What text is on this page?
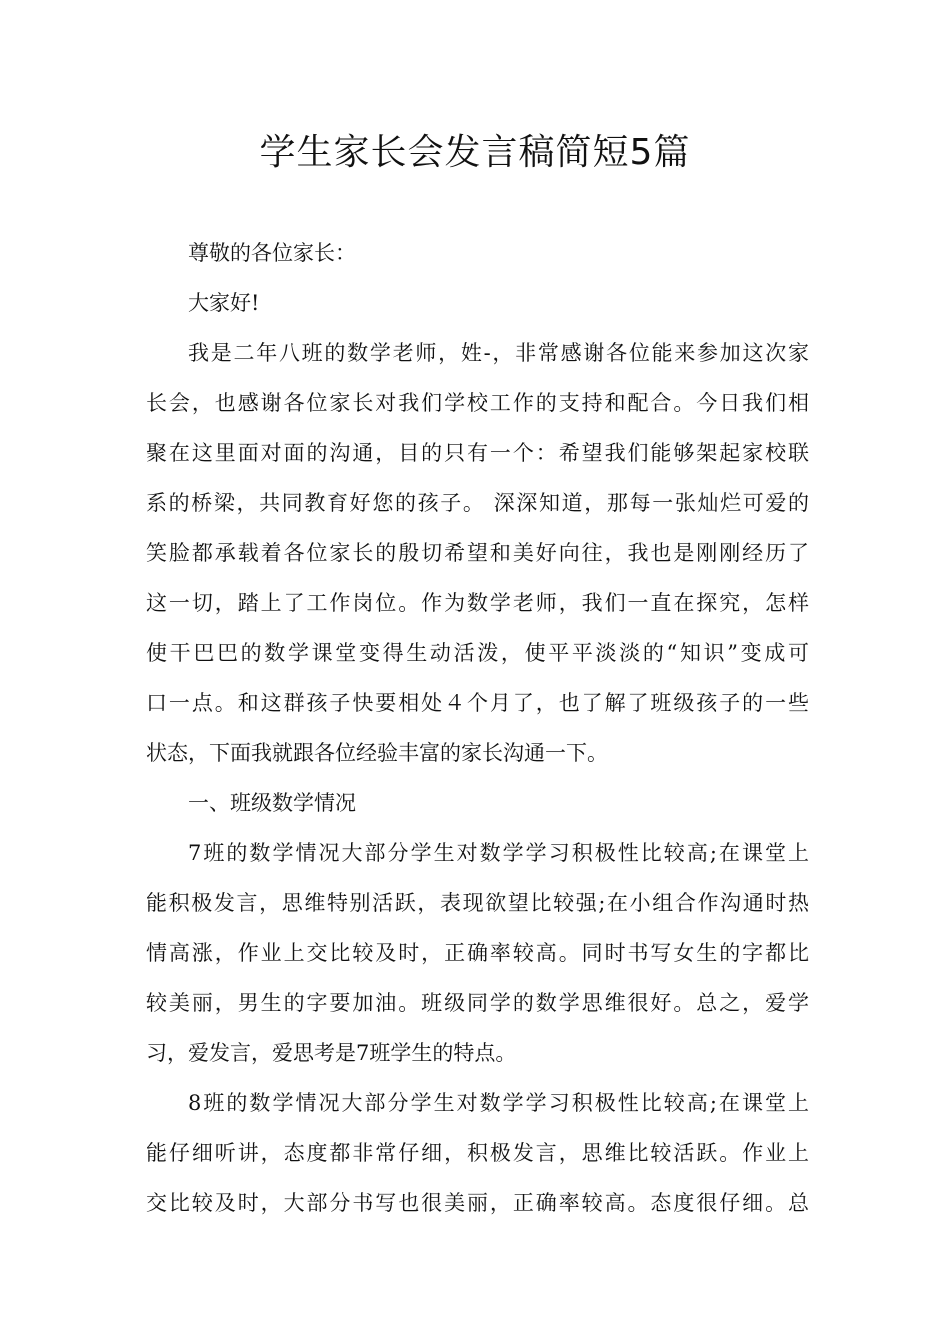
学生家长会发言稿简短5篇
尊敬的各位家长：
大家好!
我是二年八班的数学老师，姓-，非常感谢各位能来参加这次家
长会，也感谢各位家长对我们学校工作的支持和配合。今日我们相
聚在这里面对面的沟通，目的只有一个：希望我们能够架起家校联
系的桥梁，共同教育好您的孩子。 深深知道，那每一张灿烂可爱的
笑脸都承载着各位家长的殷切希望和美好向往，我也是刚刚经历了
这一切，踏上了工作岗位。作为数学老师，我们一直在探究，怎样
使干巴巴的数学课堂变得生动活泼，使平平淡淡的“知识”变成可
口一点。和这群孩子快要相处４个月了，也了解了班级孩子的一些
状态，下面我就跟各位经验丰富的家长沟通一下。
一、班级数学情况
7班的数学情况大部分学生对数学学习积极性比较高;在课堂上
能积极发言，思维特别活跃，表现欲望比较强;在小组合作沟通时热
情高涨，作业上交比较及时，正确率较高。同时书写女生的字都比
较美丽，男生的字要加油。班级同学的数学思维很好。总之，爱学
习，爱发言，爱思考是7班学生的特点。
8班的数学情况大部分学生对数学学习积极性比较高;在课堂上
能仔细听讲，态度都非常仔细，积极发言，思维比较活跃。作业上
交比较及时，大部分书写也很美丽，正确率较高。态度很仔细。总
